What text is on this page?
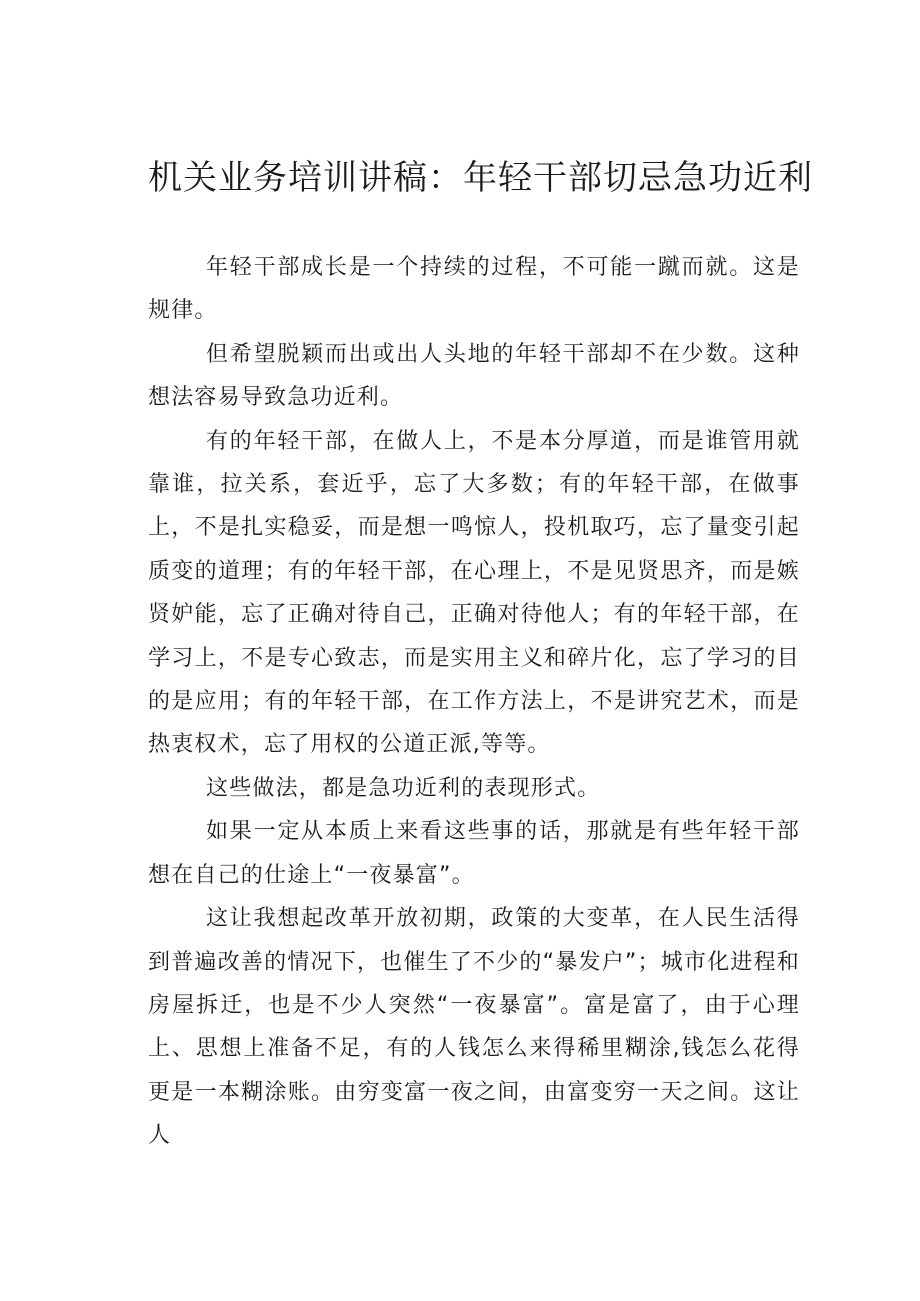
机关业务培训讲稿：年轻干部切忌急功近利

年轻干部成长是一个持续的过程，不可能一蹴而就。这是规律。

但希望脱颖而出或出人头地的年轻干部却不在少数。这种想法容易导致急功近利。

有的年轻干部，在做人上，不是本分厚道，而是谁管用就靠谁，拉关系，套近乎，忘了大多数；有的年轻干部，在做事上，不是扎实稳妥，而是想一鸣惊人，投机取巧，忘了量变引起质变的道理；有的年轻干部，在心理上，不是见贤思齐，而是嫉贤妒能，忘了正确对待自己，正确对待他人；有的年轻干部，在学习上，不是专心致志，而是实用主义和碎片化，忘了学习的目的是应用；有的年轻干部，在工作方法上，不是讲究艺术，而是热衷权术，忘了用权的公道正派,等等。

这些做法，都是急功近利的表现形式。

如果一定从本质上来看这些事的话，那就是有些年轻干部想在自己的仕途上“一夜暴富”。

这让我想起改革开放初期，政策的大变革，在人民生活得到普遍改善的情况下，也催生了不少的“暴发户”；城市化进程和房屋拆迁，也是不少人突然“一夜暴富”。富是富了，由于心理上、思想上准备不足，有的人钱怎么来得稀里糊涂,钱怎么花得更是一本糊涂账。由穷变富一夜之间，由富变穷一天之间。这让人
